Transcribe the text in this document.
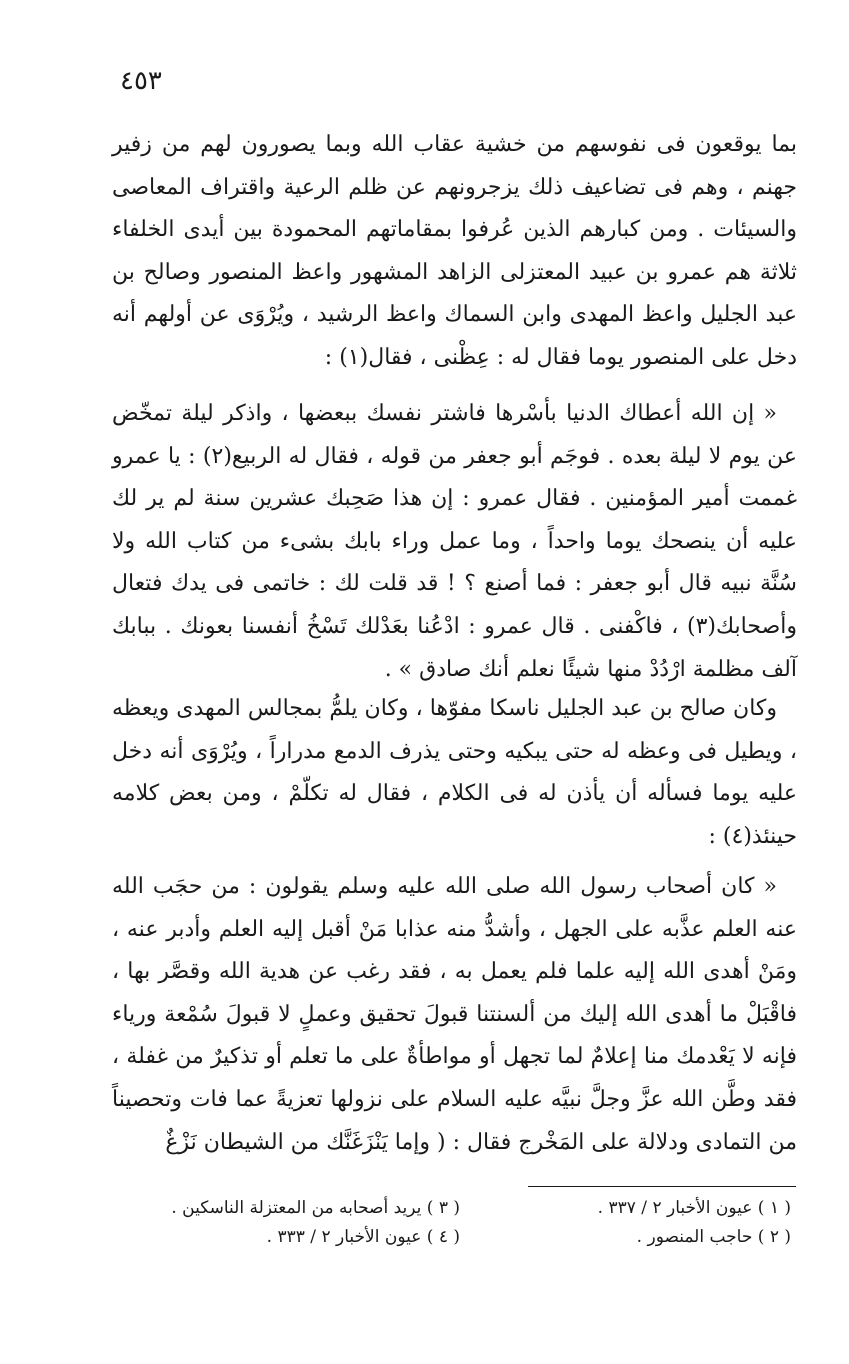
٤٥٣

بما يوقعون فى نفوسهم من خشية عقاب الله وبما يصورون لهم من زفير جهنم ، وهم فى تضاعيف ذلك يزجرونهم عن ظلم الرعية واقتراف المعاصى والسيئات . ومن كبارهم الذين عُرفوا بمقاماتهم المحمودة بين أيدى الخلفاء ثلاثة هم عمرو بن عبيد المعتزلى الزاهد المشهور واعظ المنصور وصالح بن عبد الجليل واعظ المهدى وابن السماك واعظ الرشيد ، ويُرْوَى عن أولهم أنه دخل على المنصور يوما فقال له : عِظْنى ، فقال(١) :

« إن الله أعطاك الدنيا بأسْرها فاشتر نفسك ببعضها ، واذكر ليلة تمخّض عن يوم لا ليلة بعده . فوجَم أبو جعفر من قوله ، فقال له الربيع(٢) : يا عمرو غممت أمير المؤمنين . فقال عمرو : إن هذا صَحِبك عشرين سنة لم ير لك عليه أن ينصحك يوما واحداً ، وما عمل وراء بابك بشىء من كتاب الله ولا سُنَّة نبيه قال أبو جعفر : فما أصنع ؟ ! قد قلت لك : خاتمى فى يدك فتعال وأصحابك(٣) ، فاكْفنى . قال عمرو : ادْعُنا بعَدْلك تَسْخُ أنفسنا بعونك . ببابك آلف مظلمة ارْدُدْ منها شيئًا نعلم أنك صادق » .

وكان صالح بن عبد الجليل ناسكا مفوّها ، وكان يلمُّ بمجالس المهدى ويعظه ، ويطيل فى وعظه له حتى يبكيه وحتى يذرف الدمع مدراراً ، ويُرْوَى أنه دخل عليه يوما فسأله أن يأذن له فى الكلام ، فقال له تكلّمْ ، ومن بعض كلامه حينئذ(٤) :

« كان أصحاب رسول الله صلى الله عليه وسلم يقولون : من حجَب الله عنه العلم عذَّبه على الجهل ، وأشدُّ منه عذابا مَنْ أقبل إليه العلم وأدبر عنه ، ومَنْ أهدى الله إليه علما فلم يعمل به ، فقد رغب عن هدية الله وقصَّر بها ، فاقْبَلْ ما أهدى الله إليك من ألسنتنا قبولَ تحقيق وعملٍ لا قبولَ سُمْعة ورياء فإنه لا يَعْدمك منا إعلامٌ لما تجهل أو مواطأةٌ على ما تعلم أو تذكيرٌ من غفلة ، فقد وطَّن الله عزَّ وجلَّ نبيَّه عليه السلام على نزولها تعزيةً عما فات وتحصيناً من التمادى ودلالة على المَخْرج فقال : ( وإما يَنْزَغَنَّك من الشيطان نَزْغٌ

( ١ ) عيون الأخبار ٢ / ٣٣٧ .
( ٢ ) حاجب المنصور .
( ٣ ) يريد أصحابه من المعتزلة الناسكين .
( ٤ ) عيون الأخبار ٢ / ٣٣٣ .
